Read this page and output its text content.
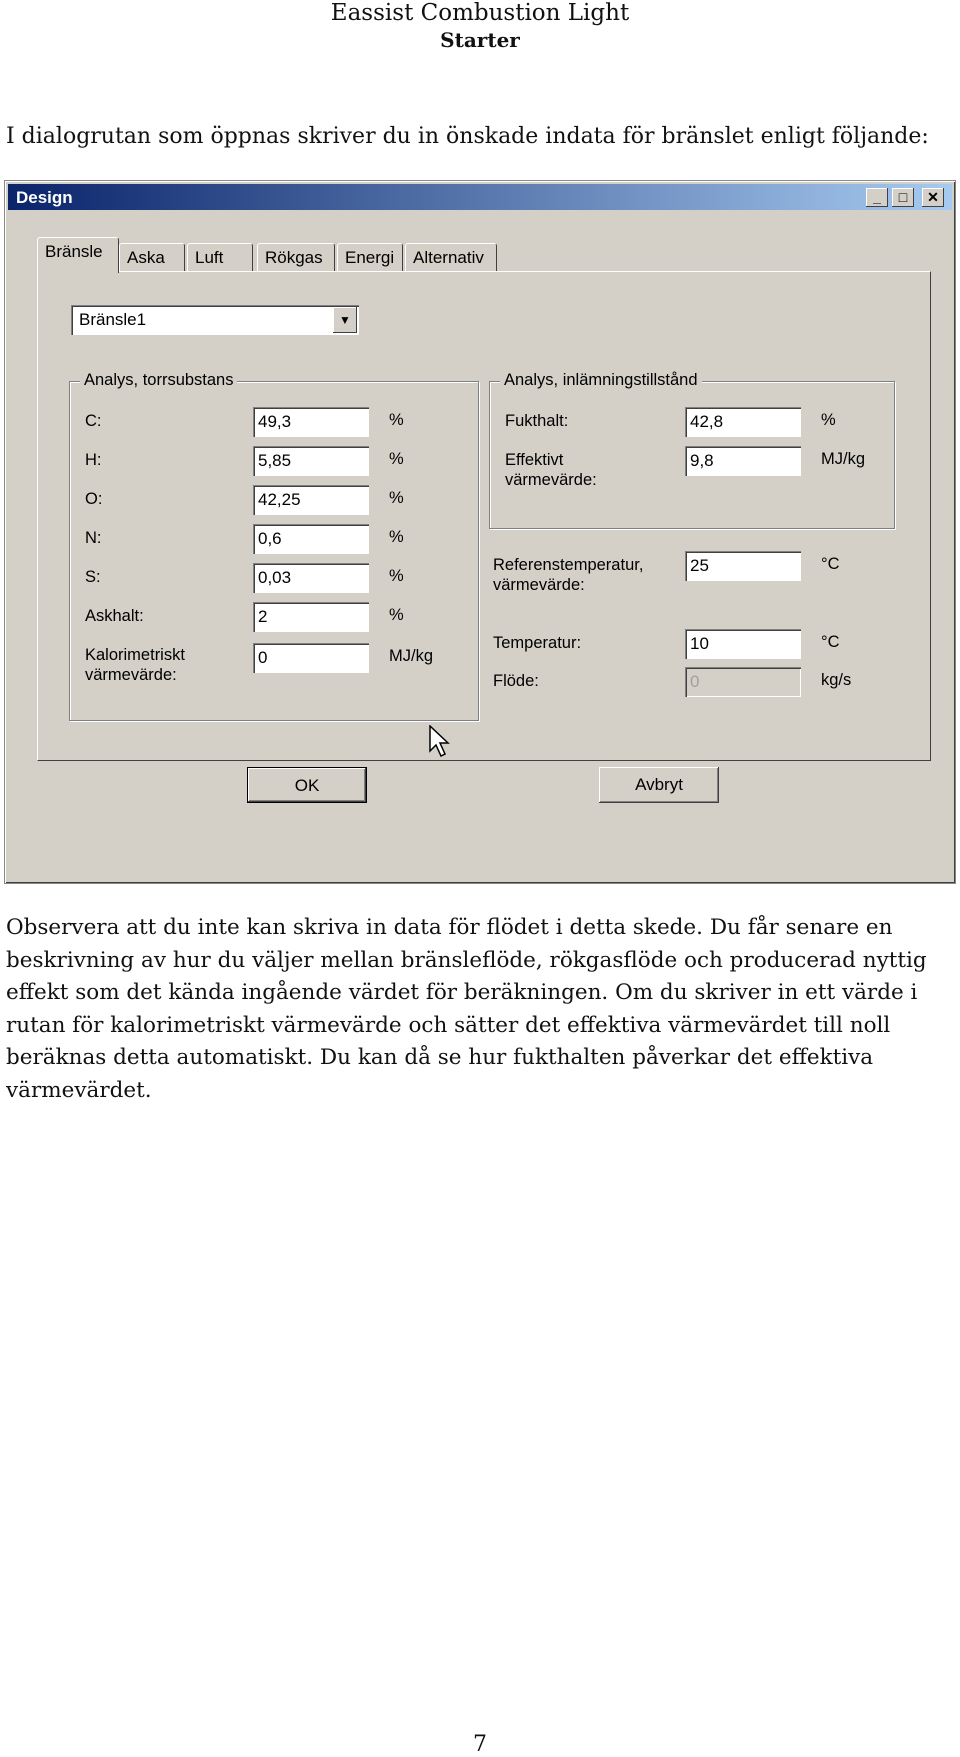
Eassist Combustion Light
Starter
I dialogrutan som öppnas skriver du in önskade indata för bränslet enligt följande:
Design	_	□	✕
Bränsle	Aska	Luft	Rökgas	Energi	Alternativ
Bränsle1	▼
Analys, torrsubstans
C:	49,3	%
H:	5,85	%
O:	42,25	%
N:	0,6	%
S:	0,03	%
Askhalt:	2	%
Kalorimetriskt
värmevärde:
0	MJ/kg
Analys, inlämningstillstånd
Fukthalt:	42,8	%
Effektivt
värmevärde:
9,8	MJ/kg
Referenstemperatur,
värmevärde:
25	°C
Temperatur:	10	°C
Flöde:	0	kg/s
OK	Avbryt
Observera att du inte kan skriva in data för flödet i detta skede. Du får senare en beskrivning av hur du väljer mellan bränsleflöde, rökgasflöde och producerad nyttig effekt som det kända ingående värdet för beräkningen. Om du skriver in ett värde i rutan för kalorimetriskt värmevärde och sätter det effektiva värmevärdet till noll beräknas detta automatiskt. Du kan då se hur fukthalten påverkar det effektiva värmevärdet.
7
